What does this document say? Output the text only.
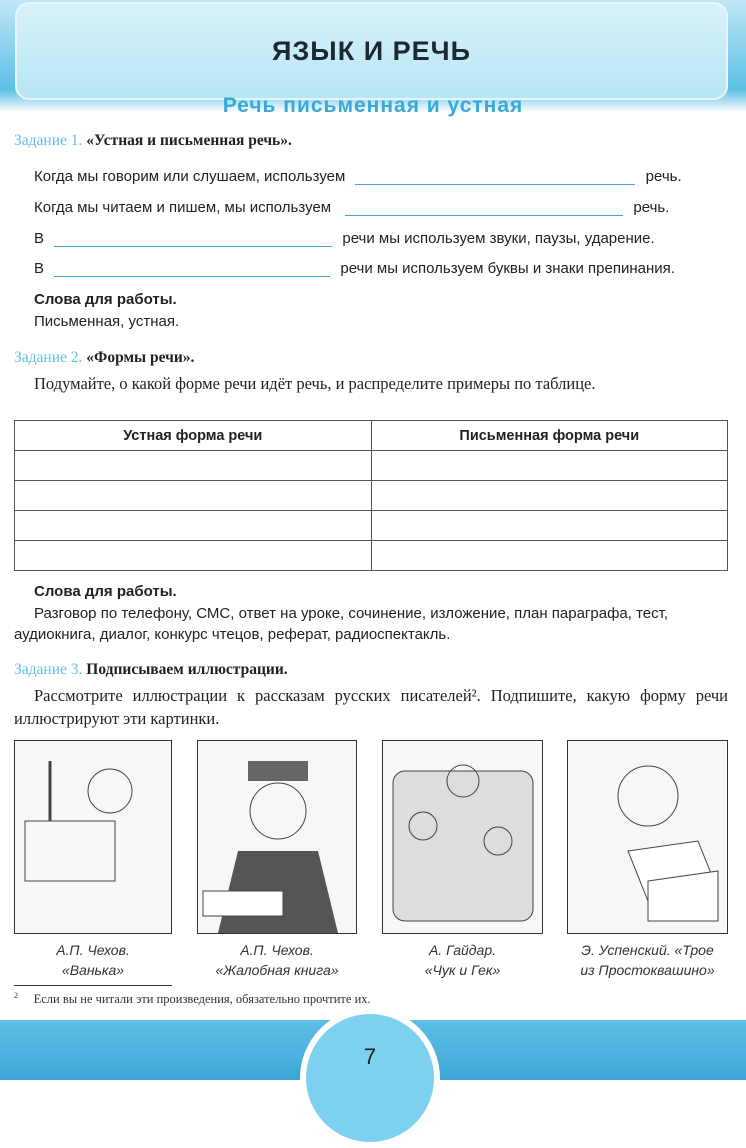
ЯЗЫК И РЕЧЬ
Речь письменная и устная
Задание 1. «Устная и письменная речь».
Когда мы говорим или слушаем, используем	речь.
Когда мы читаем и пишем, мы используем	речь.
В	речи мы используем звуки, паузы, ударение.
В	речи мы используем буквы и знаки препинания.
Слова для работы.
Письменная, устная.
Задание 2. «Формы речи».
Подумайте, о какой форме речи идёт речь, и распределите примеры по таблице.
Устная форма речи	Письменная форма речи

Слова для работы.
Разговор по телефону, СМС, ответ на уроке, сочинение, изложение, план параграфа, тест, аудиокнига, диалог, конкурс чтецов, реферат, радиоспектакль.
Задание 3. Подписываем иллюстрации.
Рассмотрите иллюстрации к рассказам русских писателей². Подпишите, какую форму речи иллюстрируют эти картинки.
А.П. Чехов.
«Ванька»
А.П. Чехов.
«Жалобная книга»
А. Гайдар.
«Чук и Гек»
Э. Успенский. «Трое
из Простоквашино»
$^2$ Если вы не читали эти произведения, обязательно прочтите их.
7
